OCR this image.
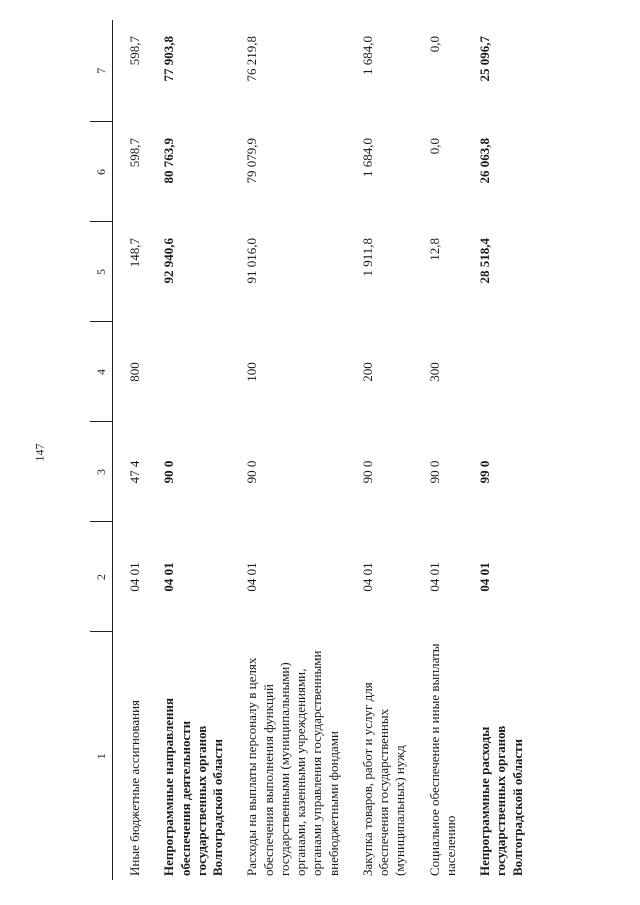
147
1	2	3	4	5	6	7
Иные бюджетные ассигнования	04 01	47 4	800	148,7	598,7	598,7
Непрограммные направления обеспечения деятельности государственных органов Волгоградской области	04 01	90 0		92 940,6	80 763,9	77 903,8
Расходы на выплаты персоналу в целях обеспечения выполнения функций государственными (муниципальными) органами, казенными учреждениями, органами управления государственными внебюджетными фондами	04 01	90 0	100	91 016,0	79 079,9	76 219,8
Закупка товаров, работ и услуг для обеспечения государственных (муниципальных) нужд	04 01	90 0	200	1 911,8	1 684,0	1 684,0
Социальное обеспечение и иные выплаты населению	04 01	90 0	300	12,8	0,0	0,0
Непрограммные расходы государственных органов Волгоградской области	04 01	99 0		28 518,4	26 063,8	25 096,7
